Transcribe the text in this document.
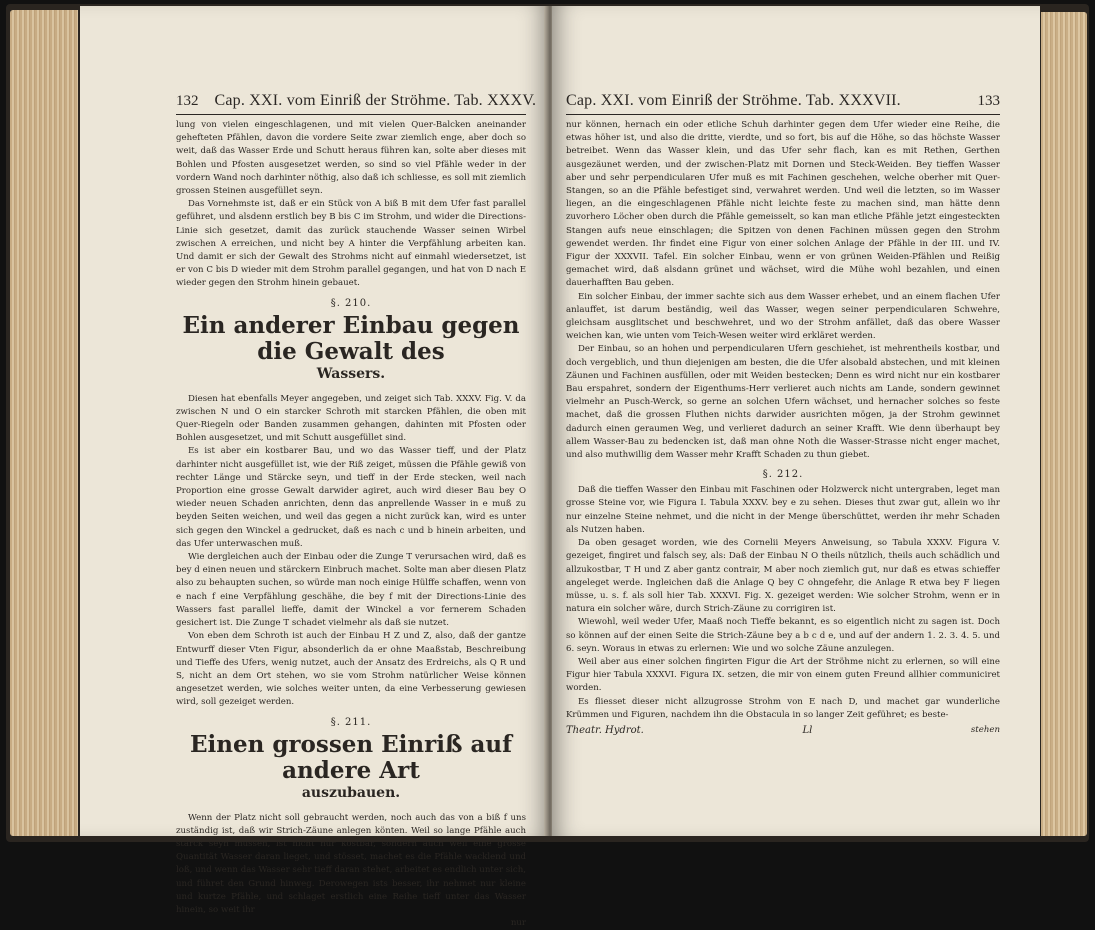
132 Cap. XXI. vom Einriß der Ströhme. Tab. XXXV.

lung von vielen eingeschlagenen, und mit vielen Quer-Balcken aneinander gehefteten Pfählen, davon die vordere Seite zwar ziemlich enge, aber doch so weit, daß das Wasser Erde und Schutt heraus führen kan, solte aber dieses mit Bohlen und Pfosten ausgesetzet werden, so sind so viel Pfähle weder in der vordern Wand noch darhinter nöthig, also daß ich schliesse, es soll mit ziemlich grossen Steinen ausgefüllet seyn.

Das Vornehmste ist, daß er ein Stück von A biß B mit dem Ufer fast parallel geführet, und alsdenn erstlich bey B bis C im Strohm, und wider die Directions-Linie sich gesetzet, damit das zurück stauchende Wasser seinen Wirbel zwischen A erreichen, und nicht bey A hinter die Verpfählung arbeiten kan. Und damit er sich der Gewalt des Strohms nicht auf einmahl wiedersetzet, ist er von C bis D wieder mit dem Strohm parallel gegangen, und hat von D nach E wieder gegen den Strohm hinein gebauet.

§. 210.
Ein anderer Einbau gegen die Gewalt des
Wassers.

Diesen hat ebenfalls Meyer angegeben, und zeiget sich Tab. XXXV. Fig. V. da zwischen N und O ein starcker Schroth mit starcken Pfählen, die oben mit Quer-Riegeln oder Banden zusammen gehangen, dahinten mit Pfosten oder Bohlen ausgesetzet, und mit Schutt ausgefüllet sind.

Es ist aber ein kostbarer Bau, und wo das Wasser tieff, und der Platz darhinter nicht ausgefüllet ist, wie der Riß zeiget, müssen die Pfähle gewiß von rechter Länge und Stärcke seyn, und tieff in der Erde stecken, weil nach Proportion eine grosse Gewalt darwider agiret, auch wird dieser Bau bey O wieder neuen Schaden anrichten, denn das anprellende Wasser in e muß zu beyden Seiten weichen, und weil das gegen a nicht zurück kan, wird es unter sich gegen den Winckel a gedrucket, daß es nach c und b hinein arbeiten, und das Ufer unterwaschen muß.

Wie dergleichen auch der Einbau oder die Zunge T verursachen wird, daß es bey d einen neuen und stärckern Einbruch machet. Solte man aber diesen Platz also zu behaupten suchen, so würde man noch einige Hülffe schaffen, wenn von e nach f eine Verpfählung geschähe, die bey f mit der Directions-Linie des Wassers fast parallel lieffe, damit der Winckel a vor fernerem Schaden gesichert ist. Die Zunge T schadet vielmehr als daß sie nutzet.

Von eben dem Schroth ist auch der Einbau H Z und Z, also, daß der gantze Entwurff dieser Vten Figur, absonderlich da er ohne Maaßstab, Beschreibung und Tieffe des Ufers, wenig nutzet, auch der Ansatz des Erdreichs, als Q R und S, nicht an dem Ort stehen, wo sie vom Strohm natürlicher Weise können angesetzet werden, wie solches weiter unten, da eine Verbesserung gewiesen wird, soll gezeiget werden.

§. 211.
Einen grossen Einriß auf andere Art
auszubauen.

Wenn der Platz nicht soll gebraucht werden, noch auch das von a biß f uns zuständig ist, daß wir Strich-Zäune anlegen könten. Weil so lange Pfähle auch starck seyn müssen, ist nicht nur kostbar, sondern auch weil eine grosse Quantität Wasser daran lieget, und stösset, machet es die Pfähle wacklend und loß, und wenn das Wasser sehr tieff daran stehet, arbeitet es endlich unter sich, und führet den Grund hinweg. Derowegen ists besser, ihr nehmet nur kleine und kurtze Pfähle, und schlaget erstlich eine Reihe tieff unter das Wasser hinein, so weit ihr

nur
Cap. XXI. vom Einriß der Ströhme. Tab. XXXVII.	133

nur können, hernach ein oder etliche Schuh darhinter gegen dem Ufer wieder eine Reihe, die etwas höher ist, und also die dritte, vierdte, und so fort, bis auf die Höhe, so das höchste Wasser betreibet. Wenn das Wasser klein, und das Ufer sehr flach, kan es mit Rethen, Gerthen ausgezäunet werden, und der zwischen-Platz mit Dornen und Steck-Weiden. Bey tieffen Wasser aber und sehr perpendicularen Ufer muß es mit Fachinen geschehen, welche oberher mit Quer-Stangen, so an die Pfähle befestiget sind, verwahret werden. Und weil die letzten, so im Wasser liegen, an die eingeschlagenen Pfähle nicht leichte feste zu machen sind, man hätte denn zuvorhero Löcher oben durch die Pfähle gemeisselt, so kan man etliche Pfähle jetzt eingesteckten Stangen aufs neue einschlagen; die Spitzen von denen Fachinen müssen gegen den Strohm gewendet werden. Ihr findet eine Figur von einer solchen Anlage der Pfähle in der III. und IV. Figur der XXXVII. Tafel. Ein solcher Einbau, wenn er von grünen Weiden-Pfählen und Reißig gemachet wird, daß alsdann grünet und wächset, wird die Mühe wohl bezahlen, und einen dauerhafften Bau geben.

Ein solcher Einbau, der immer sachte sich aus dem Wasser erhebet, und an einem flachen Ufer anlauffet, ist darum beständig, weil das Wasser, wegen seiner perpendicularen Schwehre, gleichsam ausglitschet und beschwehret, und wo der Strohm anfället, daß das obere Wasser weichen kan, wie unten vom Teich-Wesen weiter wird erkläret werden.

Der Einbau, so an hohen und perpendicularen Ufern geschiehet, ist mehrentheils kostbar, und doch vergeblich, und thun diejenigen am besten, die die Ufer alsobald abstechen, und mit kleinen Zäunen und Fachinen ausfüllen, oder mit Weiden bestecken; Denn es wird nicht nur ein kostbarer Bau erspahret, sondern der Eigenthums-Herr verlieret auch nichts am Lande, sondern gewinnet vielmehr an Pusch-Werck, so gerne an solchen Ufern wächset, und hernacher solches so feste machet, daß die grossen Fluthen nichts darwider ausrichten mögen, ja der Strohm gewinnet dadurch einen geraumen Weg, und verlieret dadurch an seiner Krafft. Wie denn überhaupt bey allem Wasser-Bau zu bedencken ist, daß man ohne Noth die Wasser-Strasse nicht enger machet, und also muthwillig dem Wasser mehr Krafft Schaden zu thun giebet.

§. 212.

Daß die tieffen Wasser den Einbau mit Faschinen oder Holzwerck nicht untergraben, leget man grosse Steine vor, wie Figura I. Tabula XXXV. bey e zu sehen. Dieses thut zwar gut, allein wo ihr nur einzelne Steine nehmet, und die nicht in der Menge überschüttet, werden ihr mehr Schaden als Nutzen haben.

Da oben gesaget worden, wie des Cornelii Meyers Anweisung, so Tabula XXXV. Figura V. gezeiget, fingiret und falsch sey, als: Daß der Einbau N O theils nützlich, theils auch schädlich und allzukostbar, T H und Z aber gantz contrair, M aber noch ziemlich gut, nur daß es etwas schieffer angeleget werde. Ingleichen daß die Anlage Q bey C ohngefehr, die Anlage R etwa bey F liegen müsse, u. s. f. als soll hier Tab. XXXVI. Fig. X. gezeiget werden: Wie solcher Strohm, wenn er in natura ein solcher wäre, durch Strich-Zäune zu corrigiren ist.

Wiewohl, weil weder Ufer, Maaß noch Tieffe bekannt, es so eigentlich nicht zu sagen ist. Doch so können auf der einen Seite die Strich-Zäune bey a b c d e, und auf der andern 1. 2. 3. 4. 5. und 6. seyn. Woraus in etwas zu erlernen: Wie und wo solche Zäune anzulegen.

Weil aber aus einer solchen fingirten Figur die Art der Ströhme nicht zu erlernen, so will eine Figur hier Tabula XXXVI. Figura IX. setzen, die mir von einem guten Freund allhier communiciret worden.

Es fliesset dieser nicht allzugrosse Strohm von E nach D, und machet gar wunderliche Krümmen und Figuren, nachdem ihn die Obstacula in so langer Zeit geführet; es beste-

Theatr. Hydrot.	Ll	stehen
